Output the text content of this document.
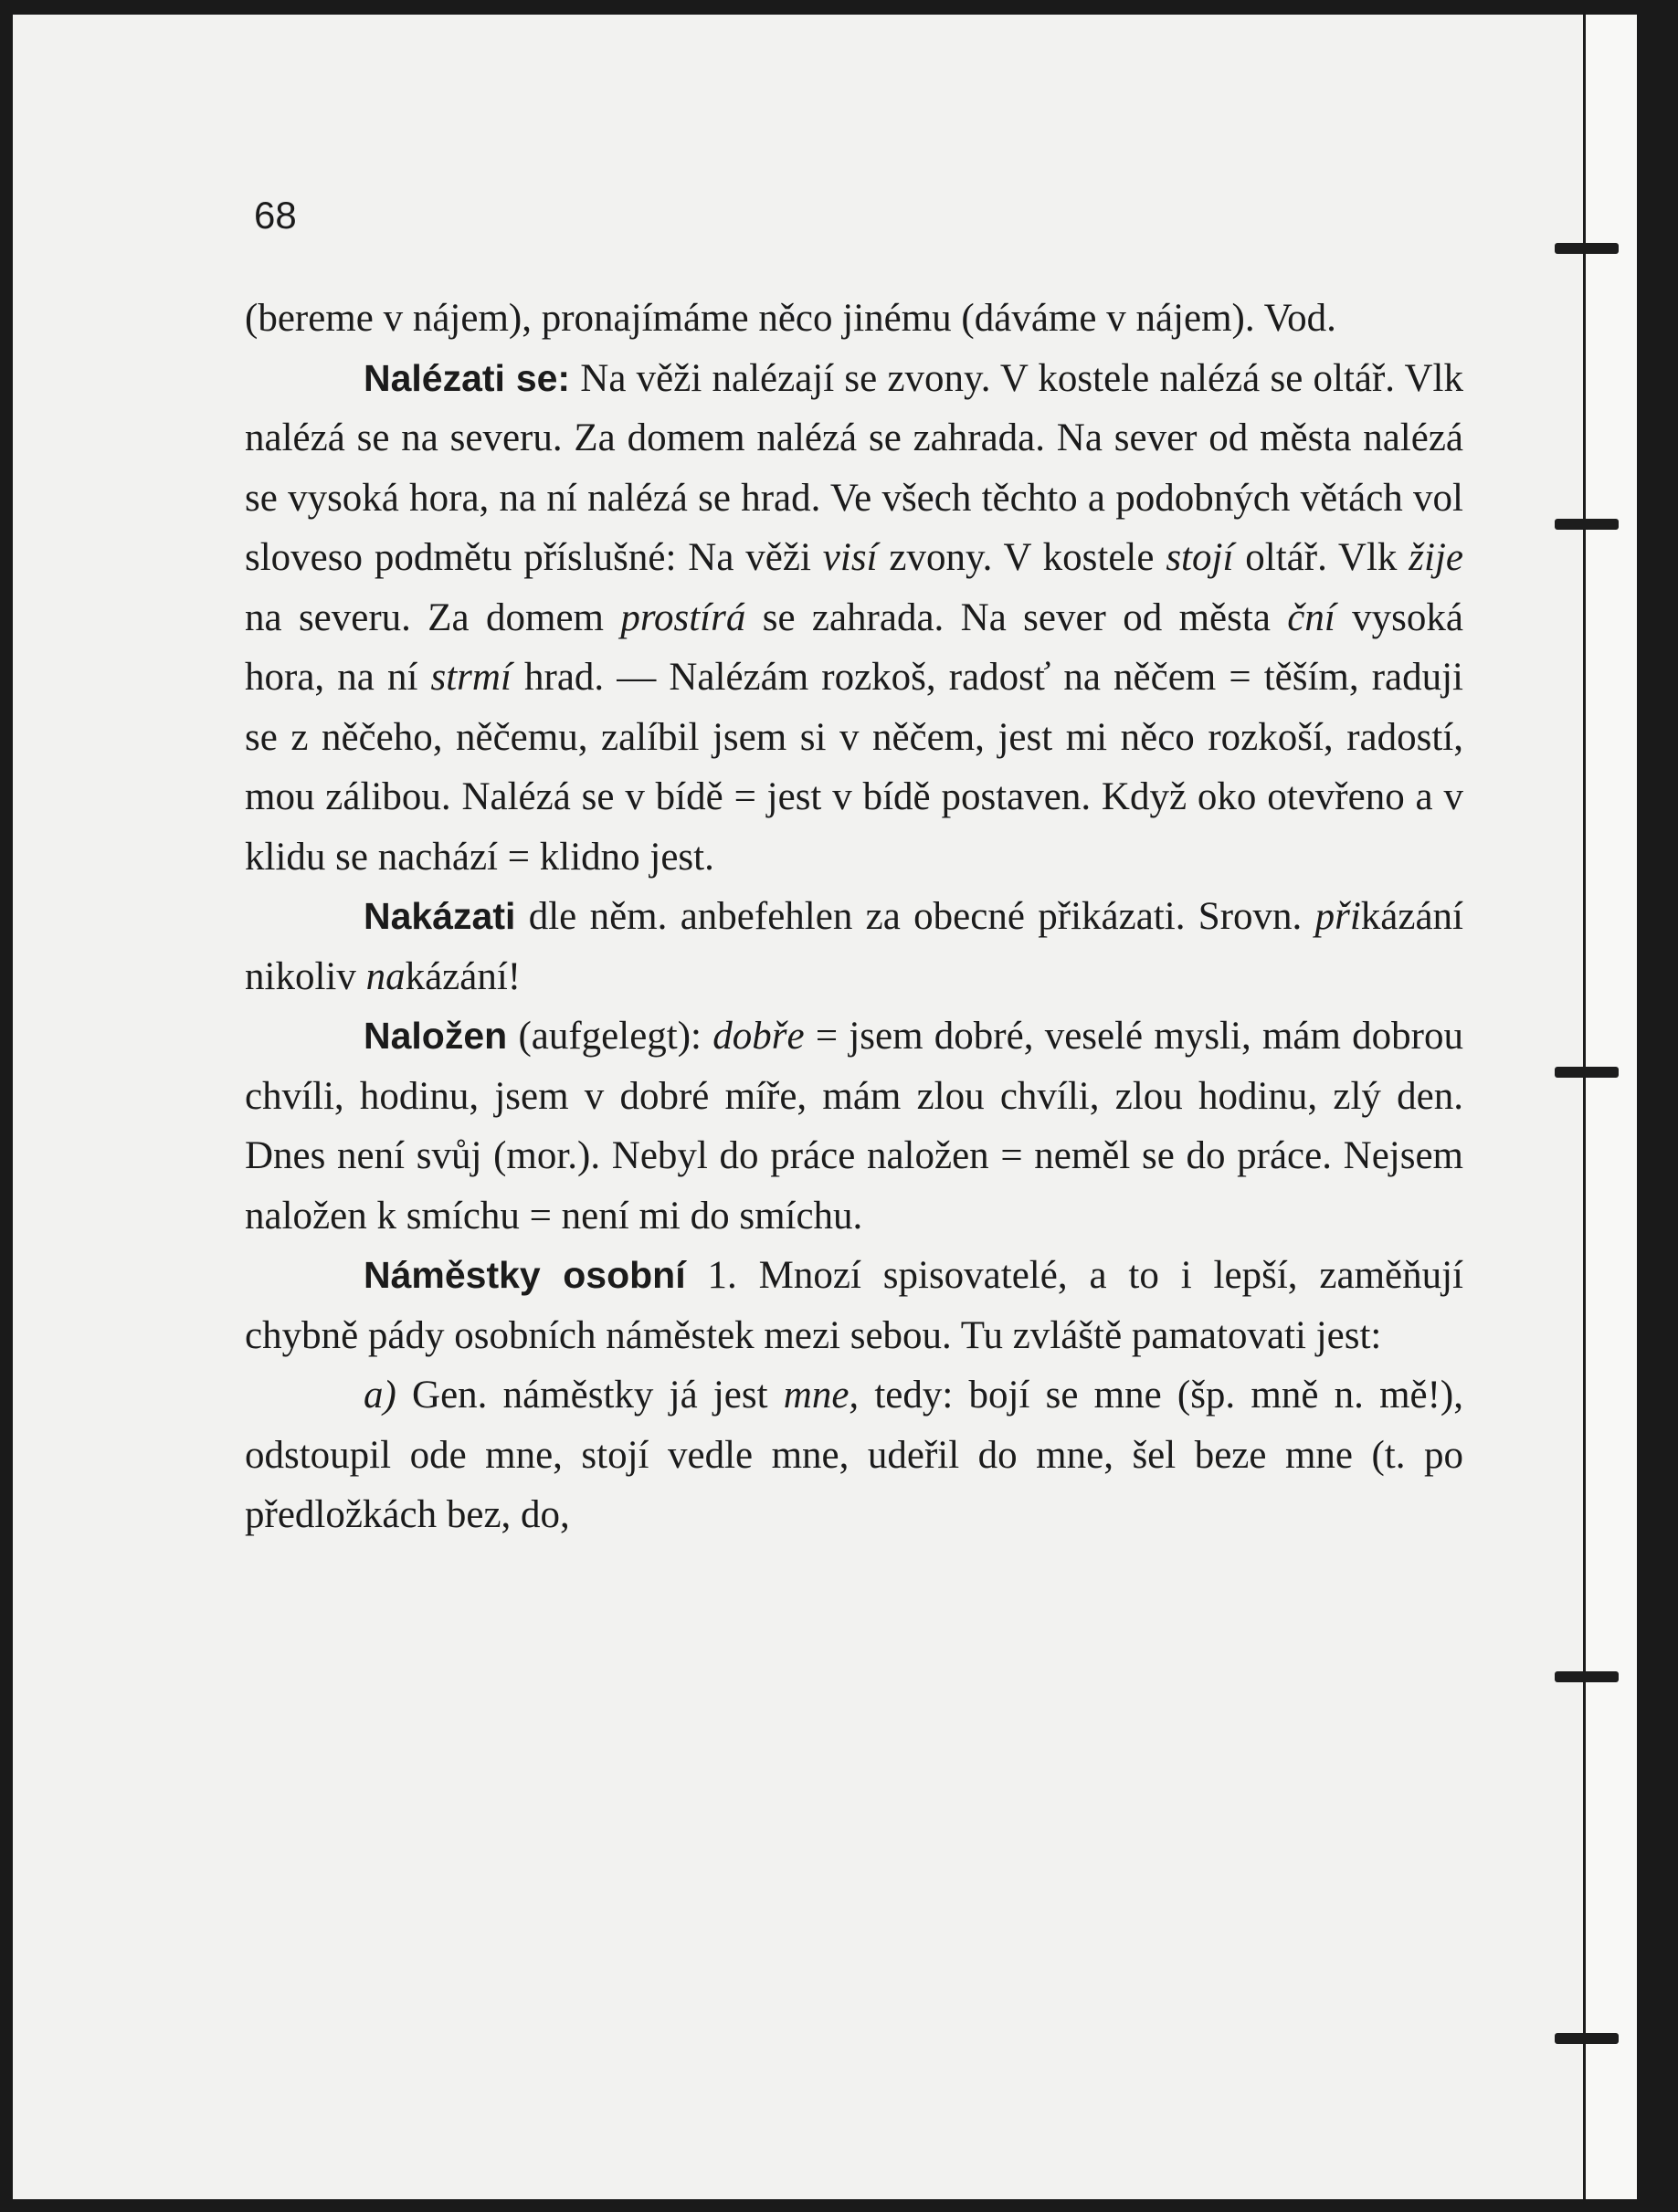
68

(bereme v nájem), pronajímáme něco jinému (dáváme v nájem). Vod.

Nalézati se: Na věži nalézají se zvony. V kostele nalézá se oltář. Vlk nalézá se na severu. Za domem nalézá se zahrada. Na sever od města nalézá se vysoká hora, na ní nalézá se hrad. Ve všech těchto a podobných větách vol sloveso podmětu příslušné: Na věži visí zvony. V kostele stojí oltář. Vlk žije na severu. Za domem prostírá se zahrada. Na sever od města ční vysoká hora, na ní strmí hrad. — Nalézám rozkoš, radosť na něčem = těším, raduji se z něčeho, něčemu, zalíbil jsem si v něčem, jest mi něco rozkoší, radostí, mou zálibou. Nalézá se v bídě = jest v bídě postaven. Když oko otevřeno a v klidu se nachází = klidno jest.

Nakázati dle něm. anbefehlen za obecné přikázati. Srovn. přikázání nikoliv nakázání!

Naložen (aufgelegt): dobře = jsem dobré, veselé mysli, mám dobrou chvíli, hodinu, jsem v dobré míře, mám zlou chvíli, zlou hodinu, zlý den. Dnes není svůj (mor.). Nebyl do práce naložen = neměl se do práce. Nejsem naložen k smíchu = není mi do smíchu.

Náměstky osobní 1. Mnozí spisovatelé, a to i lepší, zaměňují chybně pády osobních náměstek mezi sebou. Tu zvláště pamatovati jest:

a) Gen. náměstky já jest mne, tedy: bojí se mne (šp. mně n. mě!), odstoupil ode mne, stojí vedle mne, udeřil do mne, šel beze mne (t. po předložkách bez, do,
